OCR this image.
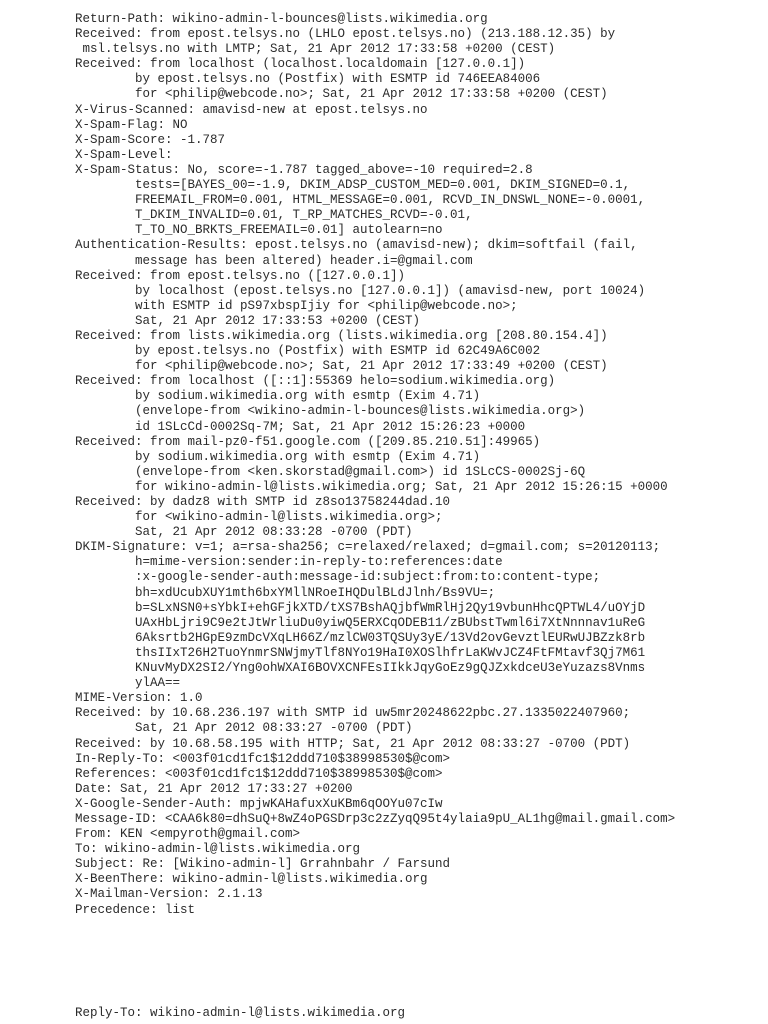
Return-Path: wikino-admin-l-bounces@lists.wikimedia.org
Received: from epost.telsys.no (LHLO epost.telsys.no) (213.188.12.35) by
msl.telsys.no with LMTP; Sat, 21 Apr 2012 17:33:58 +0200 (CEST)
Received: from localhost (localhost.localdomain [127.0.0.1])
by epost.telsys.no (Postfix) with ESMTP id 746EEA84006
for <philip@webcode.no>; Sat, 21 Apr 2012 17:33:58 +0200 (CEST)
X-Virus-Scanned: amavisd-new at epost.telsys.no
X-Spam-Flag: NO
X-Spam-Score: -1.787
X-Spam-Level:
X-Spam-Status: No, score=-1.787 tagged_above=-10 required=2.8
tests=[BAYES_00=-1.9, DKIM_ADSP_CUSTOM_MED=0.001, DKIM_SIGNED=0.1,
FREEMAIL_FROM=0.001, HTML_MESSAGE=0.001, RCVD_IN_DNSWL_NONE=-0.0001,
T_DKIM_INVALID=0.01, T_RP_MATCHES_RCVD=-0.01,
T_TO_NO_BRKTS_FREEMAIL=0.01] autolearn=no
Authentication-Results: epost.telsys.no (amavisd-new); dkim=softfail (fail,
message has been altered) header.i=@gmail.com
Received: from epost.telsys.no ([127.0.0.1])
by localhost (epost.telsys.no [127.0.0.1]) (amavisd-new, port 10024)
with ESMTP id pS97xbspIjiy for <philip@webcode.no>;
Sat, 21 Apr 2012 17:33:53 +0200 (CEST)
Received: from lists.wikimedia.org (lists.wikimedia.org [208.80.154.4])
by epost.telsys.no (Postfix) with ESMTP id 62C49A6C002
for <philip@webcode.no>; Sat, 21 Apr 2012 17:33:49 +0200 (CEST)
Received: from localhost ([::1]:55369 helo=sodium.wikimedia.org)
by sodium.wikimedia.org with esmtp (Exim 4.71)
(envelope-from <wikino-admin-l-bounces@lists.wikimedia.org>)
id 1SLcCd-0002Sq-7M; Sat, 21 Apr 2012 15:26:23 +0000
Received: from mail-pz0-f51.google.com ([209.85.210.51]:49965)
by sodium.wikimedia.org with esmtp (Exim 4.71)
(envelope-from <ken.skorstad@gmail.com>) id 1SLcCS-0002Sj-6Q
for wikino-admin-l@lists.wikimedia.org; Sat, 21 Apr 2012 15:26:15 +0000
Received: by dadz8 with SMTP id z8so13758244dad.10
for <wikino-admin-l@lists.wikimedia.org>;
Sat, 21 Apr 2012 08:33:28 -0700 (PDT)
DKIM-Signature: v=1; a=rsa-sha256; c=relaxed/relaxed; d=gmail.com; s=20120113;
h=mime-version:sender:in-reply-to:references:date
:x-google-sender-auth:message-id:subject:from:to:content-type;
bh=xdUcubXUY1mth6bxYMllNRoeIHQDulBLdJlnh/Bs9VU=;
b=SLxNSN0+sYbkI+ehGFjkXTD/tXS7BshAQjbfWmRlHj2Qy19vbunHhcQPTWL4/uOYjD
UAxHbLjri9C9e2tJtWrliuDu0yiwQ5ERXCqODEB11/zBUbstTwml6i7XtNnnnav1uReG
6Aksrtb2HGpE9zmDcVXqLH66Z/mzlCW03TQSUy3yE/13Vd2ovGevztlEURwUJBZzk8rb
thsIIxT26H2TuoYnmrSNWjmyTlf8NYo19HaI0XOSlhfrLaKWvJCZ4FtFMtavf3Qj7M61
KNuvMyDX2SI2/Yng0ohWXAI6BOVXCNFEsIIkkJqyGoEz9gQJZxkdceU3eYuzazs8Vnms
ylAA==
MIME-Version: 1.0
Received: by 10.68.236.197 with SMTP id uw5mr20248622pbc.27.1335022407960;
Sat, 21 Apr 2012 08:33:27 -0700 (PDT)
Received: by 10.68.58.195 with HTTP; Sat, 21 Apr 2012 08:33:27 -0700 (PDT)
In-Reply-To: <003f01cd1fc1$12ddd710$38998530$@com>
References: <003f01cd1fc1$12ddd710$38998530$@com>
Date: Sat, 21 Apr 2012 17:33:27 +0200
X-Google-Sender-Auth: mpjwKAHafuxXuKBm6qOOYu07cIw
Message-ID: <CAA6k80=dhSuQ+8wZ4oPGSDrp3c2zZyqQ95t4ylaia9pU_AL1hg@mail.gmail.com>
From: KEN <empyroth@gmail.com>
To: wikino-admin-l@lists.wikimedia.org
Subject: Re: [Wikino-admin-l] Grrahnbahr / Farsund
X-BeenThere: wikino-admin-l@lists.wikimedia.org
X-Mailman-Version: 2.1.13
Precedence: list
Reply-To: wikino-admin-l@lists.wikimedia.org
